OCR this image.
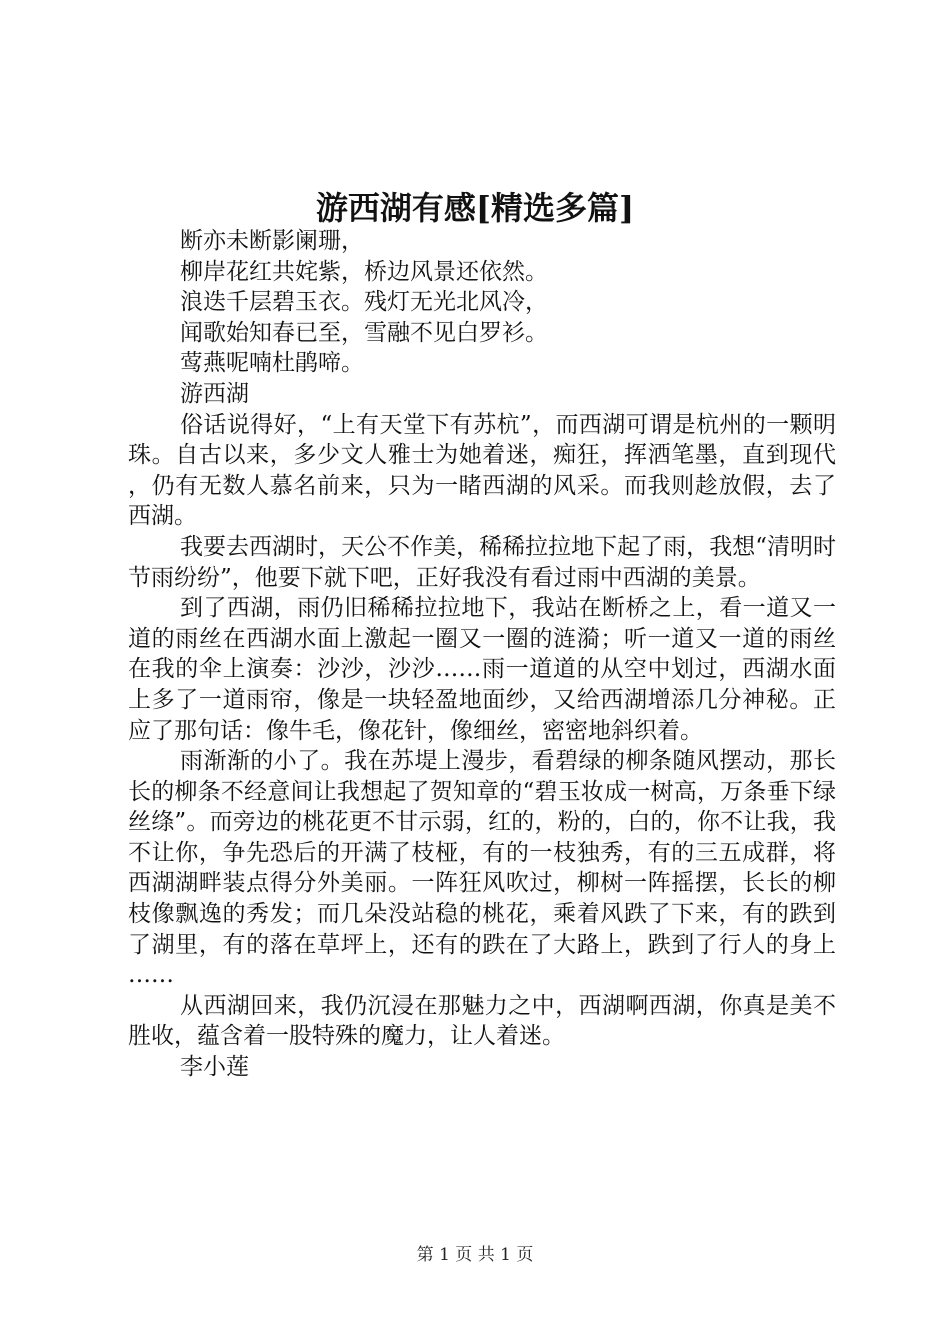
游西湖有感[精选多篇]

断亦未断影阑珊，

柳岸花红共姹紫，桥边风景还依然。

浪迭千层碧玉衣。残灯无光北风冷，

闻歌始知春已至，雪融不见白罗衫。

莺燕呢喃杜鹃啼。

游西湖

俗话说得好，“上有天堂下有苏杭”，而西湖可谓是杭州的一颗明珠。自古以来，多少文人雅士为她着迷，痴狂，挥洒笔墨，直到现代，仍有无数人慕名前来，只为一睹西湖的风采。而我则趁放假，去了西湖。

我要去西湖时，天公不作美，稀稀拉拉地下起了雨，我想“清明时节雨纷纷”，他要下就下吧，正好我没有看过雨中西湖的美景。

到了西湖，雨仍旧稀稀拉拉地下，我站在断桥之上，看一道又一道的雨丝在西湖水面上激起一圈又一圈的涟漪；听一道又一道的雨丝在我的伞上演奏：沙沙，沙沙……雨一道道的从空中划过，西湖水面上多了一道雨帘，像是一块轻盈地面纱，又给西湖增添几分神秘。正应了那句话：像牛毛，像花针，像细丝，密密地斜织着。

雨渐渐的小了。我在苏堤上漫步，看碧绿的柳条随风摆动，那长长的柳条不经意间让我想起了贺知章的“碧玉妆成一树高，万条垂下绿丝绦”。而旁边的桃花更不甘示弱，红的，粉的，白的，你不让我，我不让你，争先恐后的开满了枝桠，有的一枝独秀，有的三五成群，将西湖湖畔装点得分外美丽。一阵狂风吹过，柳树一阵摇摆，长长的柳枝像飘逸的秀发；而几朵没站稳的桃花，乘着风跌了下来，有的跌到了湖里，有的落在草坪上，还有的跌在了大路上，跌到了行人的身上……

从西湖回来，我仍沉浸在那魅力之中，西湖啊西湖，你真是美不胜收，蕴含着一股特殊的魔力，让人着迷。

李小莲

第 1 页 共 1 页
